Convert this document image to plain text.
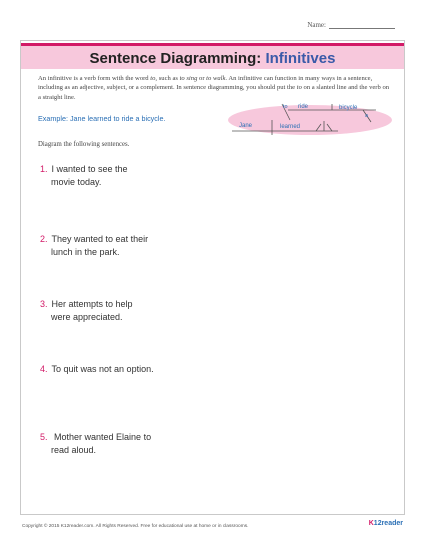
Name:
Sentence Diagramming: Infinitives
An infinitive is a verb form with the word to, such as to sing or to walk. An infinitive can function in many ways in a sentence, including as an adjective, subject, or a complement. In sentence diagramming, you should put the to on a slanted line and the verb on a straight line.
Example: Jane learned to ride a bicycle.
Jane	learned
to ride	bicycle
a
Diagram the following sentences.
1. I wanted to see the
movie today.
2. They wanted to eat their
lunch in the park.
3. Her attempts to help
were appreciated.
4. To quit was not an option.
5. Mother wanted Elaine to
read aloud.
Copyright © 2015 K12reader.com. All Rights Reserved. Free for educational use at home or in classrooms.	K12reader
